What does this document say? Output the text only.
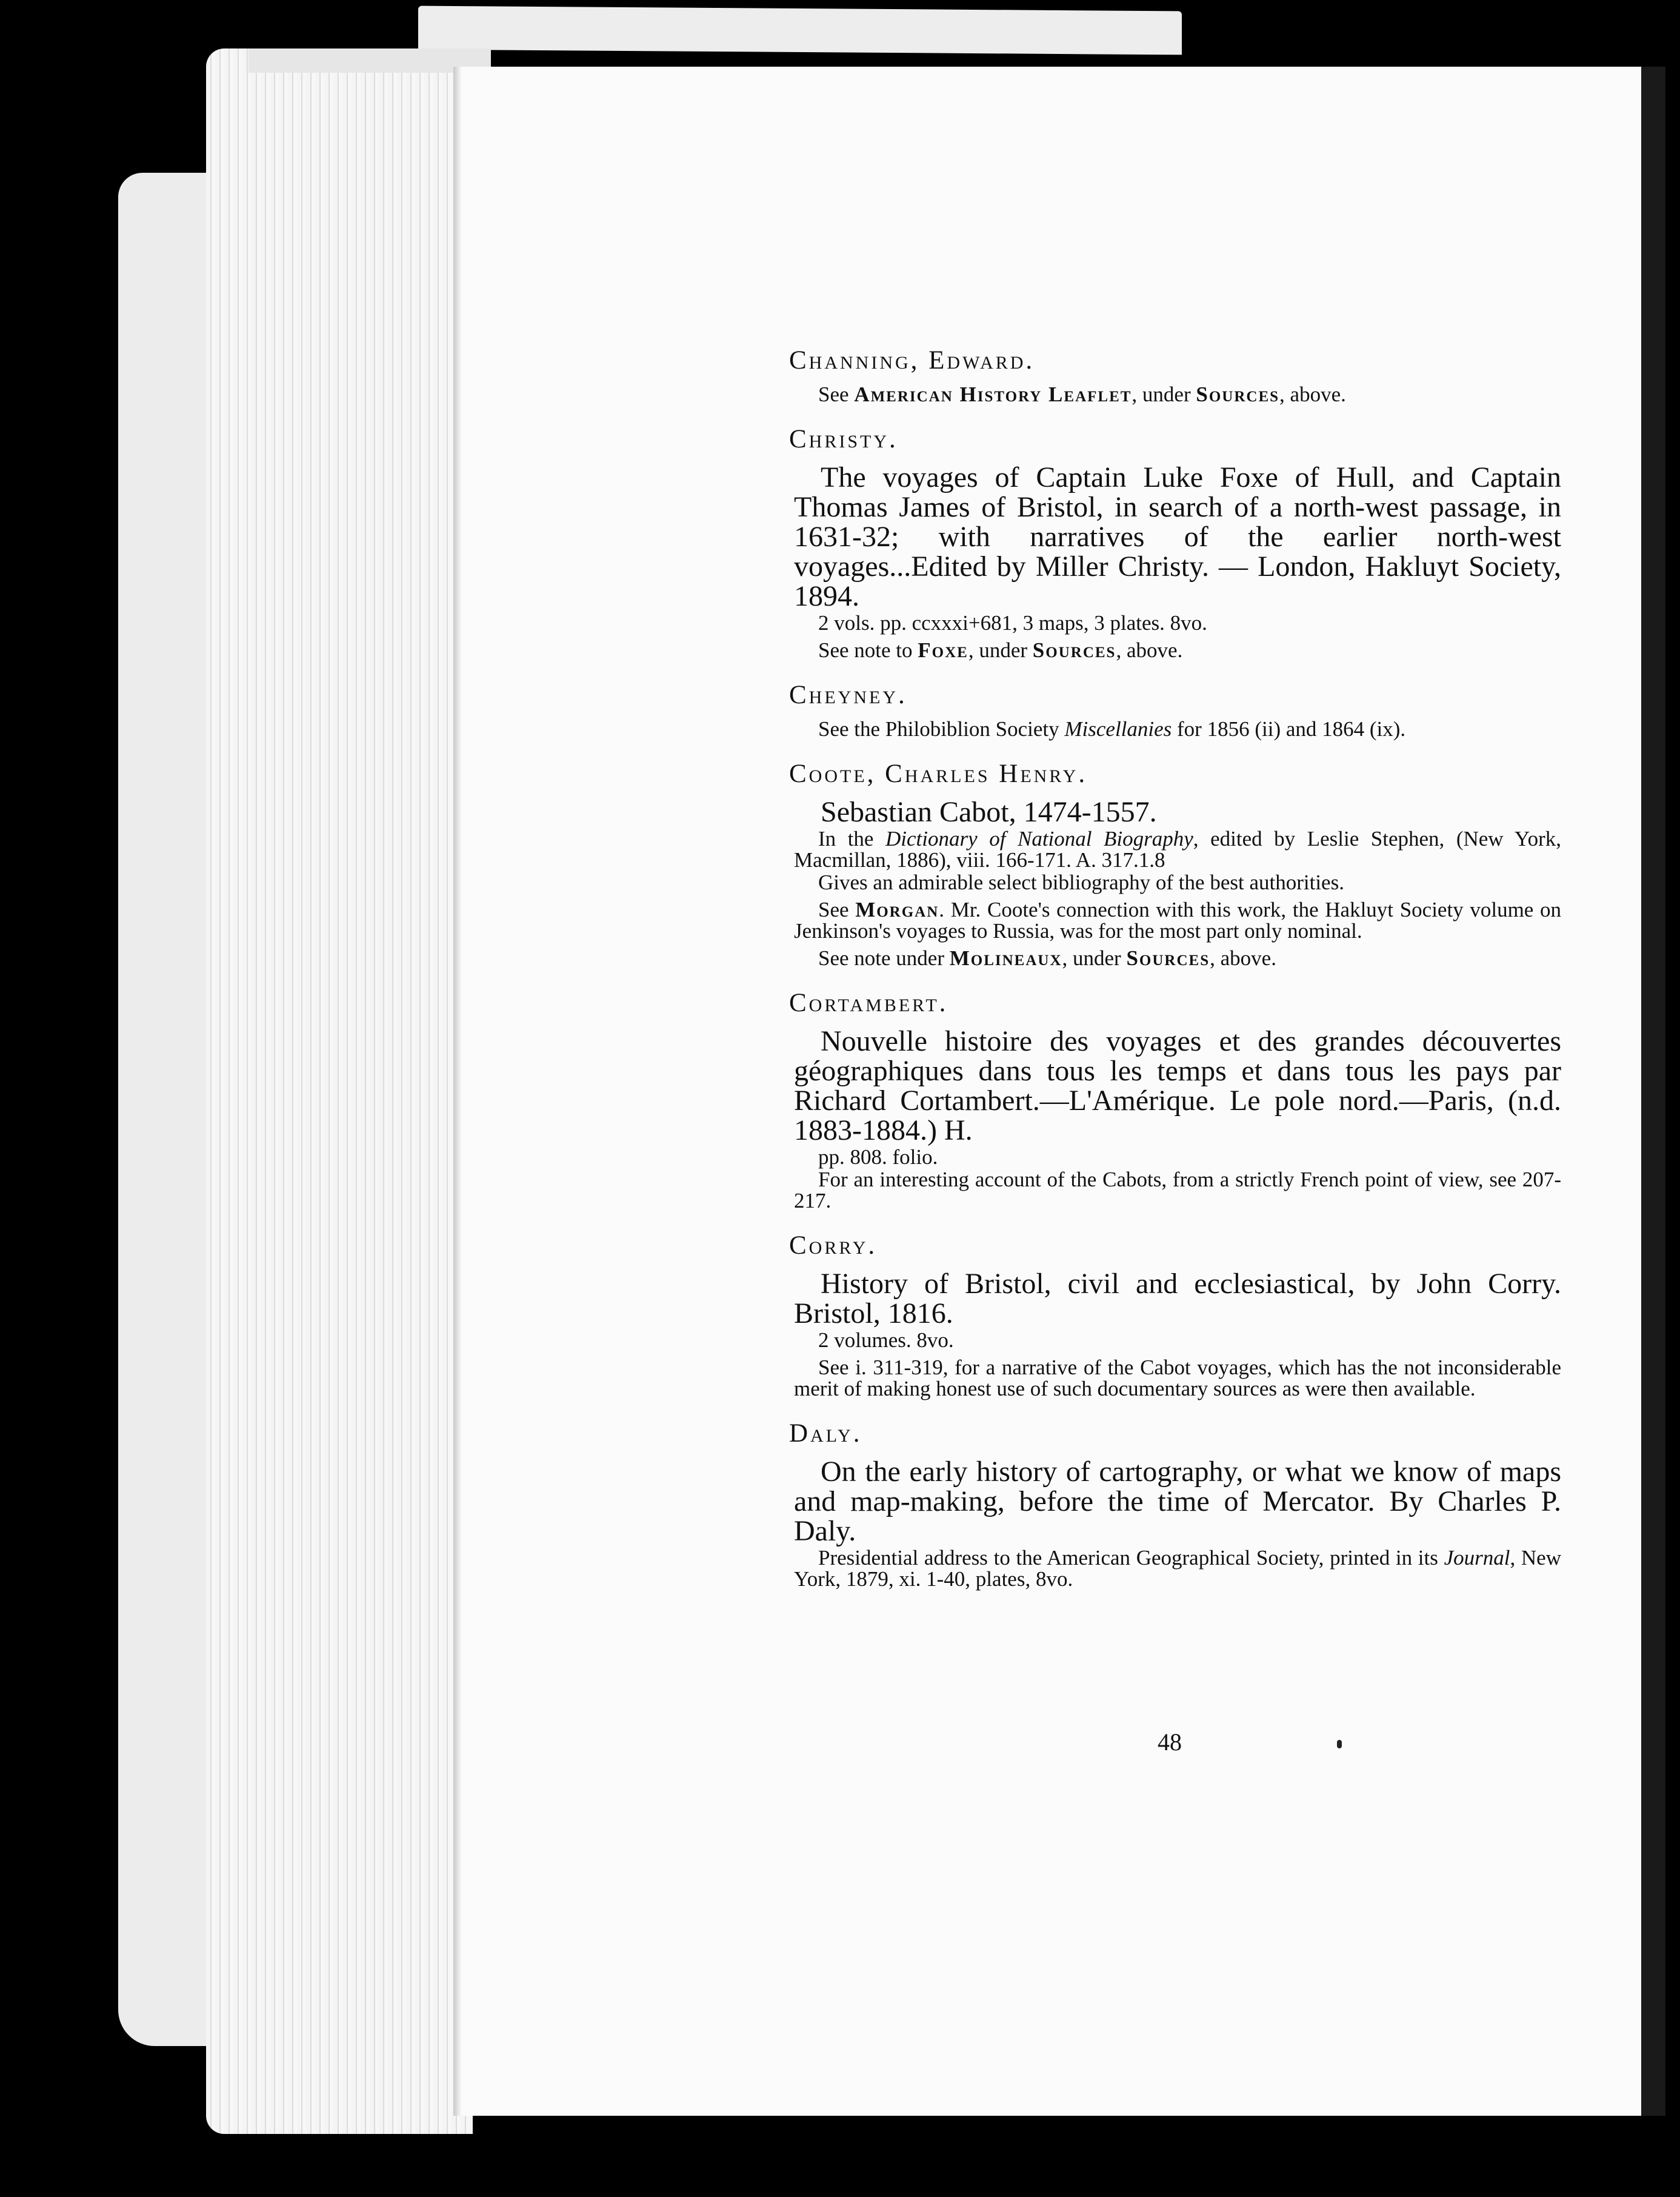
Channing, Edward.

See American History Leaflet, under Sources, above.

Christy.

The voyages of Captain Luke Foxe of Hull, and Captain Thomas James of Bristol, in search of a north-west passage, in 1631-32; with narratives of the earlier north-west voyages...Edited by Miller Christy. — London, Hakluyt Society, 1894.

2 vols. pp. ccxxxi+681, 3 maps, 3 plates. 8vo.

See note to Foxe, under Sources, above.

Cheyney.

See the Philobiblion Society Miscellanies for 1856 (ii) and 1864 (ix).

Coote, Charles Henry.

Sebastian Cabot, 1474-1557.

In the Dictionary of National Biography, edited by Leslie Stephen, (New York, Macmillan, 1886), viii. 166-171. A. 317.1.8

Gives an admirable select bibliography of the best authorities.

See Morgan. Mr. Coote's connection with this work, the Hakluyt Society volume on Jenkinson's voyages to Russia, was for the most part only nominal.

See note under Molineaux, under Sources, above.

Cortambert.

Nouvelle histoire des voyages et des grandes découvertes géographiques dans tous les temps et dans tous les pays par Richard Cortambert.—L'Amérique. Le pole nord.—Paris, (n.d. 1883-1884.) H.

pp. 808. folio.

For an interesting account of the Cabots, from a strictly French point of view, see 207-217.

Corry.

History of Bristol, civil and ecclesiastical, by John Corry. Bristol, 1816.

2 volumes. 8vo.

See i. 311-319, for a narrative of the Cabot voyages, which has the not inconsiderable merit of making honest use of such documentary sources as were then available.

Daly.

On the early history of cartography, or what we know of maps and map-making, before the time of Mercator. By Charles P. Daly.

Presidential address to the American Geographical Society, printed in its Journal, New York, 1879, xi. 1-40, plates, 8vo.

48
